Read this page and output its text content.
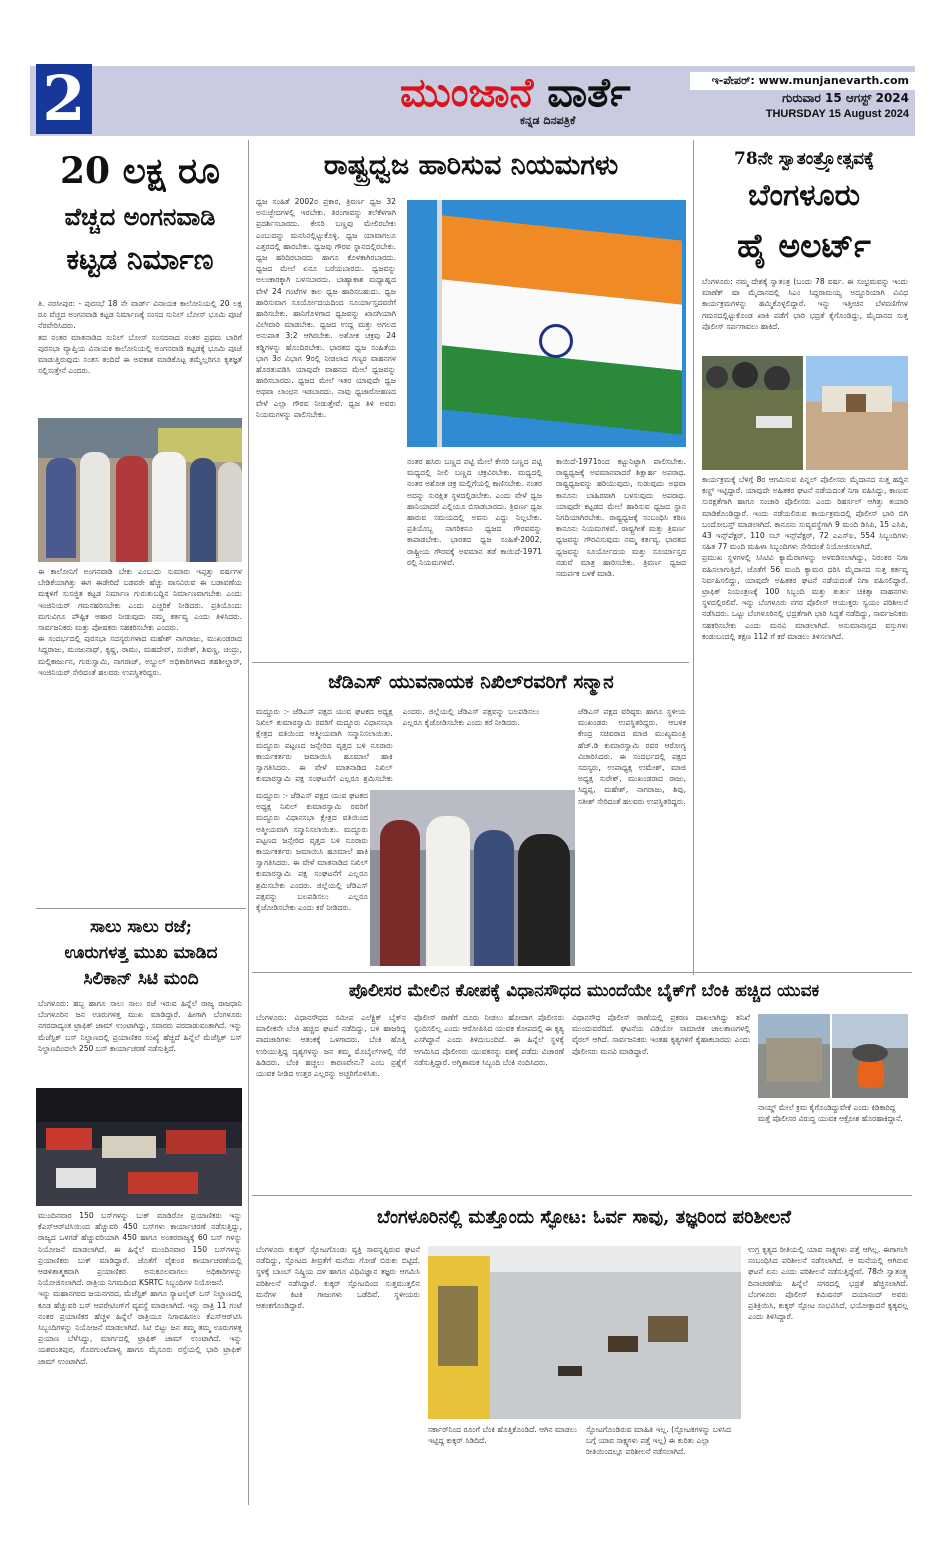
2	ಮುಂಜಾನೆ ವಾರ್ತೆ
ಕನ್ನಡ ದಿನಪತ್ರಿಕೆ
ಇ-ಪೇಪರ್: www.munjanevarth.com
ಗುರುವಾರ 15 ಆಗಸ್ಟ್ 2024
THURSDAY 15 August 2024
20 ಲಕ್ಷ ರೂ
ವೆಚ್ಚದ ಅಂಗನವಾಡಿ
ಕಟ್ಟಡ ನಿರ್ಮಾಣ

ತಿ. ನರಸೀಪುರ: - ಪುರಸಭೆ 18 ನೇ ವಾರ್ಡ್ ವಿನಾಯಕ ಕಾಲೋನಿಯಲ್ಲಿ 20 ಲಕ್ಷ ರೂ ವೆಚ್ಚದ ಅಂಗನವಾಡಿ ಕಟ್ಟಡ ನಿರ್ಮಾಣಕ್ಕೆ ಸಂಸದ ಸುನಿಲ್ ಬೋಸ್ ಭೂಮಿ ಪೂಜೆ ನೆರವೇರಿಸಿದರು.

ತದ ನಂತರ ಮಾತನಾಡಿದ ಸುನಿಲ್ ಬೋಸ್ ಸಂಸದನಾದ ನಂತರ ಪ್ರಥಮ ಬಾರಿಗೆ ಪುರಸಭಾ ವ್ಯಾಪ್ತಿಯ ವಿನಾಯಕ ಕಾಲೋನಿಯಲ್ಲಿ ಅಂಗನವಾಡಿ ಕಟ್ಟಡಕ್ಕೆ ಭೂಮಿ ಪೂಜೆ ಮಾಡುತ್ತಿರುವುದು ಸಂತಸ ತಂದಿದೆ ಈ ಅವಕಾಶ ಮಾಡಿಕೊಟ್ಟ ತಮ್ಮೆಲ್ಲರಿಗೂ ಕೃತಜ್ಞತೆ ಸಲ್ಲಿಸುತ್ತೇನೆ ಎಂದರು.

ಈ ಕಾಲೋನಿಗೆ ಅಂಗನವಾಡಿ ಬೇಕು ಎಂಬುದು ಸುಮಾರು ಇಪ್ಪತ್ತು ವರ್ಷಗಳ ಬೇಡಿಕೆಯಾಗಿತ್ತು ಈಗ ಈಡೇರಿದೆ ಬಡವರೇ ಹೆಚ್ಚು ವಾಸವಿರುವ ಈ ಬಡಾವಣೆಯ ಮಕ್ಕಳಿಗೆ ಸುಸಜ್ಜಿತ ಕಟ್ಟಡ ನಿರ್ಮಾಣ ಗುರುತುಬದ್ದಿನ ನಿರ್ಮಾಣವಾಗಬೇಕು ಎಂದು ಇಂಜಿನಿಯರ್ ಗಮನಹರಿಸಬೇಕು ಎಂದು ಎಚ್ಚರಿಕೆ ನೀಡಿದರು. ಪ್ರತಿಯೊಂದು ಮಗುವಿಗೂ ಪೌಷ್ಟಿಕ ಆಹಾರ ನೀಡುವುದು ನಮ್ಮ ಕರ್ತವ್ಯ ಎಂದು ತಿಳಿಸಿದರು. ಸಾರ್ವಜನಿಕರು ಮತ್ತು ಪೋಷಕರು ಸಹಕರಿಸಬೇಕು ಎಂದರು.

ಈ ಸಂದರ್ಭದಲ್ಲಿ ಪುರಸಭಾ ಸದಸ್ಯರುಗಳಾದ ಮಹೇಶ್ ನಾಗರಾಜು, ಮುಖಂಡರಾದ ಸಿದ್ದರಾಜು, ಮಂಜುನಾಥ್, ಕೃಷ್ಣ, ರಾಮು, ಮಹದೇವ್, ಸುರೇಶ್, ಶಿವಣ್ಣ, ಚಂದ್ರು, ಮಲ್ಲಿಕಾರ್ಜುನ, ಗುರುಸ್ವಾಮಿ, ನಾಗರಾಜ್, ಅಬ್ದುಲ್ ಅಧಿಕಾರಿಗಳಾದ ತಹಶೀಲ್ದಾರ್, ಇಂಜಿನಿಯರ್ ಸೇರಿದಂತೆ ಹಲವರು ಉಪಸ್ಥಿತರಿದ್ದರು.

ರಾಷ್ಟ್ರಧ್ವಜ ಹಾರಿಸುವ ನಿಯಮಗಳು
ಧ್ವಜ ಸಂಹಿತೆ 2002ರ ಪ್ರಕಾರ, ತ್ರಿವರ್ಣ ಧ್ವಜ 32 ಅನುಚ್ಛೇದಗಳಲ್ಲಿ ಇರಬೇಕು. ತಿರಂಗಾವನ್ನು ತಲೆಕೆಳಗಾಗಿ ಪ್ರದರ್ಶಿಸಬಾರದು. ಕೇಸರಿ ಬಣ್ಣವು ಮೇಲಿರಬೇಕು ಎಂಬುದನ್ನು ಮನಸಿನಲ್ಲಿಟ್ಟುಕೊಳ್ಳಿ. ಧ್ವಜ ಯಾವಾಗಲೂ ಎತ್ತರದಲ್ಲಿ ಹಾರಬೇಕು. ಧ್ವಜವು ಗೌರವ ಸ್ಥಾನದಲ್ಲಿರಬೇಕು. ಧ್ವಜ ಹರಿದಿರಬಾರದು ಹಾಗೂ ಕೊಳಕಾಗಿರಬಾರದು. ಧ್ವಜದ ಮೇಲೆ ಏನೂ ಬರೆಯಬಾರದು. ಧ್ವಜವನ್ನು ಅಲಂಕಾರಕ್ಕಾಗಿ ಬಳಸಬಾರದು. ಬಾಹ್ಯಾಕಾಶ ಮಧ್ಯಾಹ್ನದ ವೇಳೆ 24 ಗಂಟೆಗಳ ಕಾಲ ಧ್ವಜ ಹಾರಿಸಬಹುದು. ಧ್ವಜ ಹಾರಿಸುವಾಗ ಸೂರ್ಯೋದಯದಿಂದ ಸೂರ್ಯಾಸ್ತದವರೆಗೆ ಹಾರಿಸಬೇಕು. ಹಾನಿಗೊಳಗಾದ ಧ್ವಜವನ್ನು ಖಾಸಗಿಯಾಗಿ ವಿಲೇವಾರಿ ಮಾಡಬೇಕು. ಧ್ವಜದ ಉದ್ದ ಮತ್ತು ಅಗಲದ ಅನುಪಾತ 3:2 ಆಗಿರಬೇಕು. ಅಶೋಕ ಚಕ್ರವು 24 ಕಡ್ಡಿಗಳನ್ನು ಹೊಂದಿರಬೇಕು. ಭಾರತದ ಧ್ವಜ ಸಂಹಿತೆಯ ಭಾಗ 3ರ ವಿಭಾಗ 9ರಲ್ಲಿ ನೀಡಲಾದ ಗಣ್ಯರ ವಾಹನಗಳ ಹೊರತುಪಡಿಸಿ ಯಾವುದೇ ವಾಹನದ ಮೇಲೆ ಧ್ವಜವನ್ನು ಹಾರಿಸಬಾರದು. ಧ್ವಜದ ಮೇಲೆ ಇತರ ಯಾವುದೇ ಧ್ವಜ ಅಥವಾ ಲಾಂಛನ ಇಡಬಾರದು. ನಾವು ಧ್ವಜಾರೋಹಣದ ವೇಳೆ ಎಲ್ಲಾ ಗೌರವ ನೀಡುತ್ತೇವೆ. ಧ್ವಜ ತಿಳಿ ಅವರು ನಿಯಮಗಳನ್ನು ಪಾಲಿಸಬೇಕು.
ನಂತರ ಹಸಿರು ಬಣ್ಣದ ಪಟ್ಟಿ ಮೇಲೆ ಕೇಸರಿ ಬಣ್ಣದ ಪಟ್ಟಿ ಮಧ್ಯದಲ್ಲಿ ನೀಲಿ ಬಣ್ಣದ ಚಕ್ರವಿರಬೇಕು. ಮಧ್ಯದಲ್ಲಿ ನಂತರ ಅಶೋಕ ಚಕ್ರ ಮಲ್ಲಿಗೆಯಲ್ಲಿ ಕಾಣಿಸಬೇಕು. ನಂತರ ಅದನ್ನು ಸುರಕ್ಷಿತ ಸ್ಥಳದಲ್ಲಿಡಬೇಕು. ಎಂದು ವೇಳೆ ಧ್ವಜ ಹಾನಿಯಾದರೆ ಎಲ್ಲಿಯೂ ಬಿಸಾಡಬಾರದು. ತ್ರಿವರ್ಣ ಧ್ವಜ ಹಾರುವ ಸಮಯದಲ್ಲಿ ಅವನು ಎದ್ದು ನಿಲ್ಲಬೇಕು. ಪ್ರತಿಯೊಬ್ಬ ನಾಗರಿಕನೂ ಧ್ವಜದ ಗೌರವವನ್ನು ಕಾಪಾಡಬೇಕು. ಭಾರತದ ಧ್ವಜ ಸಂಹಿತೆ-2002, ರಾಷ್ಟ್ರೀಯ ಗೌರವಕ್ಕೆ ಅವಮಾನ ತಡೆ ಕಾಯಿದೆ-1971 ರಲ್ಲಿ ನಿಯಮಗಳಿವೆ.
ಕಾಯಿದೆ-1971ರಿಂದ ಕಟ್ಟುನಿಟ್ಟಾಗಿ ಪಾಲಿಸಬೇಕು. ರಾಷ್ಟ್ರಧ್ವಜಕ್ಕೆ ಅವಮಾನವಾದರೆ ಶಿಕ್ಷಾರ್ಹ ಅಪರಾಧ. ರಾಷ್ಟ್ರಧ್ವಜವನ್ನು ಹರಿಯುವುದು, ಸುಡುವುದು ಅಥವಾ ಕಾನೂನು ಬಾಹಿರವಾಗಿ ಬಳಸುವುದು ಅಪರಾಧ. ಯಾವುದೇ ಕಟ್ಟಡದ ಮೇಲೆ ಹಾರಿಸುವ ಧ್ವಜದ ಸ್ಥಾನ ನಿಗದಿಯಾಗಿರಬೇಕು. ರಾಷ್ಟ್ರಧ್ವಜಕ್ಕೆ ಸಂಬಂಧಿಸಿ ಕಠಿಣ ಕಾನೂನು ನಿಯಮಗಳಿವೆ. ರಾಷ್ಟ್ರಗೀತೆ ಮತ್ತು ತ್ರಿವರ್ಣ ಧ್ವಜವನ್ನು ಗೌರವಿಸುವುದು ನಮ್ಮ ಕರ್ತವ್ಯ. ಭಾರತದ ಧ್ವಜವನ್ನು ಸೂರ್ಯೋದಯ ಮತ್ತು ಸೂರ್ಯಾಸ್ತದ ನಡುವೆ ಮಾತ್ರ ಹಾರಿಸಬೇಕು. ತ್ರಿವರ್ಣ ಧ್ವಜದ ಸಮರ್ಪಕ ಬಳಕೆ ಮಾಡಿ.
78ನೇ ಸ್ವಾತಂತ್ರ್ಯೋತ್ಸವಕ್ಕೆ
ಬೆಂಗಳೂರು
ಹೈ ಅಲರ್ಟ್
ಬೆಂಗಳೂರು: ನಮ್ಮ ದೇಶಕ್ಕೆ ಸ್ವಾತಂತ್ರ (ಬಂದು 78 ವರ್ಷ. ಈ ಸಂಭ್ರಮವನ್ನು ಇಂದು ಮಾಣೆಕ್ ಷಾ ಮೈದಾನದಲ್ಲಿ ಸಿಎಂ ಸಿದ್ದರಾಮಯ್ಯ ಅದ್ದೂರಿಯಾಗಿ ವಿವಿಧ ಕಾರ್ಯಕ್ರಮಗಳನ್ನು ಹಮ್ಮಿಕೊಳ್ಳಲಿದ್ದಾರೆ. ಇನ್ನು ಇತ್ತೀಚಿನ ಬೆಳವಣಿಗೆಗಳ ಗಮನದಲ್ಲಿಟ್ಟುಕೊಂಡ ಖಾಕಿ ಪಡೆಗೆ ಭಾರಿ ಭದ್ರತೆ ಕೈಗೊಂಡಿದ್ದು, ಮೈದಾನದ ಸುತ್ತ ಪೊಲೀಸ್ ಸರ್ಪಗಾವಲು ಹಾಕಿದೆ.

ಕಾರ್ಯಕ್ರಮಕ್ಕೆ ಬೆಳಿಗ್ಗೆ 8ರ ಆಗಮಿಸುವ ಪಿನ್ನಲ್ ಪೊಲೀಸರು ಮೈದಾನದ ಸುತ್ತ ಹದ್ದಿನ ಕಣ್ಣ್ ಇಟ್ಟಿದ್ದಾರೆ. ಯಾವುದೇ ಅಹಿತಕರ ಘಟನೆ ನಡೆಯದಂತೆ ನಿಗಾ ವಹಿಸಿದ್ದು, ಕಾಣುವ ಸುರಕ್ಷತೆಗಾಗಿ ಹಾಗೂ ಸಂಚಾರಿ ಪೊಲೀಸರು ಎಂದು ರಿಹರ್ಸಲ್ ಆಗಿತ್ತು ತಯಾರಿ ಮಾಡಿಕೊಂಡಿದ್ದಾರೆ. ಇಂದು ನಡೆಯಲಿರುವ ಕಾರ್ಯಕ್ರಮದಲ್ಲಿ ಪೊಲೀಸ್ ಭಾರಿ ಬಿಗಿ ಬಂದೋಬಸ್ತ್ ಮಾಡಲಾಗಿದೆ. ಕಾನೂನು ಸುವ್ಯವಸ್ಥೆಗಾಗಿ 9 ಮಂದಿ ಡಿಸಿಪಿ, 15 ಎಸಿಪಿ, 43 ಇನ್ಸ್‌ಪೆಕ್ಟರ್, 110 ಸಬ್ ಇನ್ಸ್‌ಪೆಕ್ಟರ್, 72 ಎಎಸ್ಐ, 554 ಸಿಬ್ಬಂದಿಗಳು ಸಹಿತ 77 ಮಂದಿ ಮಹಿಳಾ ಸಿಬ್ಬಂದಿಗಳು ಸೇರಿದಂತೆ ನಿಯೋಜಿಸಲಾಗಿದೆ.

ಪ್ರಮುಖ ಸ್ಥಳಗಳಲ್ಲಿ ಸಿಸಿಟಿವಿ ಕ್ಯಾಮೆರಾಗಳನ್ನು ಅಳವಡಿಸಲಾಗಿದ್ದು, ನಿರಂತರ ನಿಗಾ ವಹಿಸಲಾಗುತ್ತಿದೆ. ಜೊತೆಗೆ 56 ಮಂದಿ ಕ್ಯಾಮರ ಧರಿಸಿ ಮೈದಾನದ ಸುತ್ತ ಕರ್ತವ್ಯ ನಿರ್ವಹಿಸಲಿದ್ದು, ಯಾವುದೇ ಅಹಿತಕರ ಘಟನೆ ನಡೆಯದಂತೆ ನಿಗಾ ವಹಿಸಲಿದ್ದಾರೆ. ಟ್ರಾಫಿಕ್ ನಿಯಂತ್ರಣಕ್ಕೆ 100 ಸಿಬ್ಬಂದಿ ಮತ್ತು ತುರ್ತು ಚಿಕಿತ್ಸಾ ವಾಹನಗಳು ಸ್ಥಳದಲ್ಲಿರಲಿವೆ. ಇನ್ನು ಬೆಂಗಳೂರು ನಗರ ಪೊಲೀಸ್ ಆಯುಕ್ತರು ಸ್ವಯಂ ಪರಿಶೀಲನೆ ನಡೆಸಿದರು. ಒಟ್ಟು ಬೆಂಗಳೂರಿನಲ್ಲಿ ಭದ್ರತೆಗಾಗಿ ಭಾರಿ ಸಿದ್ಧತೆ ನಡೆದಿದ್ದು, ಸಾರ್ವಜನಿಕರು ಸಹಕರಿಸಬೇಕು ಎಂದು ಮನವಿ ಮಾಡಲಾಗಿದೆ. ಅನುಮಾನಾಸ್ಪದ ವಸ್ತುಗಳು ಕಂಡುಬಂದಲ್ಲಿ ತಕ್ಷಣ 112 ಗೆ ಕರೆ ಮಾಡಲು ತಿಳಿಸಲಾಗಿದೆ.

ಜೆಡಿಎಸ್ ಯುವನಾಯಕ ನಿಖಿಲ್‌ರವರಿಗೆ ಸನ್ಮಾನ
ಮದ್ದೂರು :- ಜೆಡಿಎಸ್ ಪಕ್ಷದ ಯುವ ಘಟಕದ ಅಧ್ಯಕ್ಷ ನಿಖಿಲ್ ಕುಮಾರಸ್ವಾಮಿ ರವರಿಗೆ ಮದ್ದೂರು ವಿಧಾನಸಭಾ ಕ್ಷೇತ್ರದ ವತಿಯಿಂದ ಆತ್ಮೀಯವಾಗಿ ಸನ್ಮಾನಿಸಲಾಯಿತು. ಮದ್ದೂರು ಪಟ್ಟಣದ ಜನ್ಸೇರಿದ ವೃತ್ತದ ಬಳಿ ನೂರಾರು ಕಾರ್ಯಕರ್ತರು ಜಮಾಯಿಸಿ ಹೂಮಾಲೆ ಹಾಕಿ ಸ್ವಾಗತಿಸಿದರು. ಈ ವೇಳೆ ಮಾತನಾಡಿದ ನಿಖಿಲ್ ಕುಮಾರಸ್ವಾಮಿ ಪಕ್ಷ ಸಂಘಟನೆಗೆ ಎಲ್ಲರೂ ಶ್ರಮಿಸಬೇಕು ಎಂದರು. ಜಿಲ್ಲೆಯಲ್ಲಿ ಜೆಡಿಎಸ್ ಪಕ್ಷವನ್ನು ಬಲಪಡಿಸಲು ಎಲ್ಲರೂ ಕೈಜೋಡಿಸಬೇಕು ಎಂದು ಕರೆ ನೀಡಿದರು.
ಮದ್ದೂರು :- ಜೆಡಿಎಸ್ ಪಕ್ಷದ ಯುವ ಘಟಕದ ಅಧ್ಯಕ್ಷ ನಿಖಿಲ್ ಕುಮಾರಸ್ವಾಮಿ ರವರಿಗೆ ಮದ್ದೂರು ವಿಧಾನಸಭಾ ಕ್ಷೇತ್ರದ ವತಿಯಿಂದ ಆತ್ಮೀಯವಾಗಿ ಸನ್ಮಾನಿಸಲಾಯಿತು. ಮದ್ದೂರು ಪಟ್ಟಣದ ಜನ್ಸೇರಿದ ವೃತ್ತದ ಬಳಿ ನೂರಾರು ಕಾರ್ಯಕರ್ತರು ಜಮಾಯಿಸಿ ಹೂಮಾಲೆ ಹಾಕಿ ಸ್ವಾಗತಿಸಿದರು. ಈ ವೇಳೆ ಮಾತನಾಡಿದ ನಿಖಿಲ್ ಕುಮಾರಸ್ವಾಮಿ ಪಕ್ಷ ಸಂಘಟನೆಗೆ ಎಲ್ಲರೂ ಶ್ರಮಿಸಬೇಕು ಎಂದರು. ಜಿಲ್ಲೆಯಲ್ಲಿ ಜೆಡಿಎಸ್ ಪಕ್ಷವನ್ನು ಬಲಪಡಿಸಲು ಎಲ್ಲರೂ ಕೈಜೋಡಿಸಬೇಕು ಎಂದು ಕರೆ ನೀಡಿದರು.
ಜೆಡಿಎಸ್ ಪಕ್ಷದ ವರಿಷ್ಠರು ಹಾಗೂ ಸ್ಥಳೀಯ ಮುಖಂಡರು ಉಪಸ್ಥಿತರಿದ್ದರು. ಆಬಳಿಕ ಕೇಂದ್ರ ಸಚಿವರಾದ ಮಾಜಿ ಮುಖ್ಯಮಂತ್ರಿ ಹೆಚ್.ಡಿ ಕುಮಾರಸ್ವಾಮಿ ರವರ ಆರೋಗ್ಯ ವಿಚಾರಿಸಿದರು. ಈ ಸಂದರ್ಭದಲ್ಲಿ ಪಕ್ಷದ ಸದಸ್ಯರು, ಉಪಾಧ್ಯಕ್ಷ ಉಮೇಶ್, ಮಾಜಿ ಅಧ್ಯಕ್ಷ ಸುರೇಶ್, ಮುಖಂಡರಾದ ರಾಜು, ಸಿದ್ದಪ್ಪ, ಮಹೇಶ್, ನಾಗರಾಜು, ಶಿವು, ಸತೀಶ್ ಸೇರಿದಂತೆ ಹಲವರು ಉಪಸ್ಥಿತರಿದ್ದರು.
ಸಾಲು ಸಾಲು ರಜೆ;
ಊರುಗಳತ್ತ ಮುಖ ಮಾಡಿದ
ಸಿಲಿಕಾನ್ ಸಿಟಿ ಮಂದಿ
ಬೆಂಗಳೂರು: ಹಬ್ಬ ಹಾಗೂ ಸಾಲು ಸಾಲು ರಜೆ ಇರುವ ಹಿನ್ನೆಲೆ ರಾಜ್ಯ ರಾಜಧಾನಿ ಬೆಂಗಳೂರಿನ ಜನ ಊರುಗಳತ್ತ ಮುಖ ಮಾಡಿದ್ದಾರೆ. ಹೀಗಾಗಿ ಬೆಂಗಳೂರು ನಗರದಾದ್ಯಂತ ಟ್ರಾಫಿಕ್ ಜಾಮ್ ಉಂಟಾಗಿದ್ದು, ಸವಾರರು ಪರದಾಡುವಂತಾಗಿದೆ. ಇನ್ನು ಮೆಜೆಸ್ಟಿಕ್ ಬಸ್ ನಿಲ್ದಾಣದಲ್ಲಿ ಪ್ರಯಾಣಿಕರ ಸಂಖ್ಯೆ ಹೆಚ್ಚಿದೆ ಹಿನ್ನೆಲೆ ಮೆಜೆಸ್ಟಿಕ್ ಬಸ್ ನಿಲ್ದಾಣದಿಂದಲೇ 250 ಬಸ್ ಕಾರ್ಯಾಚರಣೆ ನಡೆಸುತ್ತಿದೆ.

ಮುಂದಿನವಾರ 150 ಬಸ್‌ಗಳನ್ನು ಬುಕ್ ಮಾಡಿರೋ ಪ್ರಯಾಣಿಕರು ಇನ್ನು ಕೆಎಸ್ಆರ್‌ಟಿಸಿಯಿಂದ ಹೆಚ್ಚುವರಿ 450 ಬಸ್‌ಗಳು ಕಾರ್ಯಾಚರಣೆ ನಡೆಸುತ್ತಿದ್ದು, ರಾಜ್ಯದ ಒಳಗಡೆ ಹೆಚ್ಚುವರಿಯಾಗಿ 450 ಹಾಗೂ ಅಂತರರಾಜ್ಯಕ್ಕೆ 60 ಬಸ್ ಗಳನ್ನು ನಿಯೋಜನೆ ಮಾಡಲಾಗಿದೆ. ಈ ಹಿನ್ನೆಲೆ ಮುಂದಿನವಾರ 150 ಬಸ್‌ಗಳನ್ನು ಪ್ರಯಾಣಿಕರು ಬುಕ್ ಮಾಡಿದ್ದಾರೆ. ಜೊತೆಗೆ ವೈಕುಂಠ ಕಾರ್ಯಾಚರಣೆಯಲ್ಲಿ ಆಡಳಿತಾತ್ಮಕವಾಗಿ ಪ್ರಯಾಣಿಕರ ಅನುಕೂಲವಾಗಲು ಅಧಿಕಾರಿಗಳನ್ನು ನಿಯೋಜಿಸಲಾಗಿದೆ. ರಾತ್ರಿಯ ನಿಗಮದಿಂದ KSRTC ಸಿಬ್ಬಂದಿಗಳ ನಿಯೋಜನೆ.

ಇನ್ನು ಮಹಾನಗರದ ಜಯನಗರದ, ಮೆಜೆಸ್ಟಿಕ್ ಹಾಗೂ ಸ್ಯಾಟಲೈಟ್ ಬಸ್ ನಿಲ್ದಾಣದಲ್ಲಿ ಕೂಡ ಹೆಚ್ಚುವರಿ ಬಸ್ ಆಪರೇಟಿಂಗ್‌ಗೆ ವ್ಯವಸ್ಥೆ ಮಾಡಲಾಗಿದೆ. ಇನ್ನು ರಾತ್ರಿ 11 ಗಂಟೆ ನಂತರ ಪ್ರಯಾಣಿಕರ ಹೆಚ್ಚಳ ಹಿನ್ನೆಲೆ ರಾತ್ರಿಯೂ ನಿಗಾವಹಿಸಲು ಕೆಎಸ್ಆರ್‌ಟಿಸಿ ಸಿಬ್ಬಂದಿಗಳನ್ನು ನಿಯೋಜನೆ ಮಾಡಲಾಗಿದೆ. ಸಿಟಿ ಬಿಟ್ಟು ಜನ ತಮ್ಮ ತಮ್ಮ ಊರುಗಳತ್ತ ಪ್ರಯಾಣ ಬೆಳೆಸಿದ್ದು, ಮಾರ್ಗದಲ್ಲಿ ಟ್ರಾಫಿಕ್ ಜಾಮ್ ಉಂಟಾಗಿದೆ. ಇನ್ನು ಯಶವಂತಪುರ, ಗೊರಗುಂಟೆಪಾಳ್ಯ ಹಾಗೂ ಮೈಸೂರು ರಸ್ತೆಯಲ್ಲಿ ಭಾರಿ ಟ್ರಾಫಿಕ್ ಜಾಮ್ ಉಂಟಾಗಿದೆ.

ಪೊಲೀಸರ ಮೇಲಿನ ಕೋಪಕ್ಕೆ ವಿಧಾನಸೌಧದ ಮುಂದೆಯೇ ಬೈಕ್‌ಗೆ ಬೆಂಕಿ ಹಚ್ಚಿದ ಯುವಕ
ಬೆಂಗಳೂರು: ವಿಧಾನಸೌಧದ ಸಮೀಪ ಎಲೆಕ್ಟ್ರಿಕ್ ಬೈಕ್‌ನ ಮಾಲೀಕನೇ ಬೆಂಕಿ ಹಚ್ಚಿದ ಘಟನೆ ನಡೆದಿದ್ದು, ಬಳಿ ಹಾಜರಿದ್ದ ಪಾದಚಾರಿಗಳು ಆತಂಕಕ್ಕೆ ಒಳಗಾದರು. ಬೆಂಕಿ ಹೊತ್ತಿ ಉರಿಯುತ್ತಿದ್ದ ದೃಶ್ಯಗಳನ್ನು ಜನ ತಮ್ಮ ಮೊಬೈಲ್‌ಗಳಲ್ಲಿ ಸೆರೆ ಹಿಡಿದರು. ಬೆಂಕಿ ಹಚ್ಚಲು ಕಾರಣವೇನು? ಎಂಬ ಪ್ರಶ್ನೆಗೆ ಯುವಕ ನೀಡಿದ ಉತ್ತರ ಎಲ್ಲರನ್ನು ಅಚ್ಚರಿಗೊಳಿಸಿತು.
ಪೊಲೀಸ್ ಠಾಣೆಗೆ ದೂರು ನೀಡಲು ಹೋದಾಗ ಪೊಲೀಸರು ಸ್ಪಂದಿಸಲಿಲ್ಲ ಎಂದು ಆರೋಪಿಸಿದ ಯುವಕ ಕೋಪದಲ್ಲಿ ಈ ಕೃತ್ಯ ಎಸಗಿದ್ದಾನೆ ಎಂದು ತಿಳಿದುಬಂದಿದೆ. ಈ ಹಿನ್ನೆಲೆ ಸ್ಥಳಕ್ಕೆ ಆಗಮಿಸಿದ ಪೊಲೀಸರು ಯುವಕನನ್ನು ವಶಕ್ಕೆ ಪಡೆದು ವಿಚಾರಣೆ ನಡೆಸುತ್ತಿದ್ದಾರೆ. ಅಗ್ನಿಶಾಮಕ ಸಿಬ್ಬಂದಿ ಬೆಂಕಿ ನಂದಿಸಿದರು.
ವಿಧಾನಸೌಧ ಪೊಲೀಸ್ ಠಾಣೆಯಲ್ಲಿ ಪ್ರಕರಣ ದಾಖಲಾಗಿದ್ದು ತನಿಖೆ ಮುಂದುವರೆದಿದೆ. ಘಟನೆಯ ವಿಡಿಯೋ ಸಾಮಾಜಿಕ ಜಾಲತಾಣಗಳಲ್ಲಿ ವೈರಲ್ ಆಗಿದೆ. ಸಾರ್ವಜನಿಕರು ಇಂತಹ ಕೃತ್ಯಗಳಿಗೆ ಕೈಹಾಕಬಾರದು ಎಂದು ಪೊಲೀಸರು ಮನವಿ ಮಾಡಿದ್ದಾರೆ.
ನಾಯ್ಡ್ ಮೇಲೆ ಕ್ರಮ ಕೈಗೊಂಡಿದ್ದುವೇಕೆ ಎಂದು ಕಿಡಿಕಾರಿದ್ದ ಮತ್ತೆ ಪೊಲೀಸರ ವಿರುದ್ಧ ಯುವಕ ಆಕ್ರೋಶ ಹೊರಹಾಕಿದ್ದಾನೆ.
ಬೆಂಗಳೂರಿನಲ್ಲಿ ಮತ್ತೊಂದು ಸ್ಫೋಟ: ಓರ್ವ ಸಾವು, ತಜ್ಞರಿಂದ ಪರಿಶೀಲನೆ
ಬೆಂಗಳೂರು ಕುಕ್ಕರ್ ಸ್ಫೋಟಗೊಂಡು ವ್ಯಕ್ತಿ ಸಾವನ್ನಪ್ಪಿರುವ ಘಟನೆ ನಡೆದಿದ್ದು, ಸ್ಫೋಟದ ತೀವ್ರತೆಗೆ ಮನೆಯ ಗೋಡೆ ಬಿರುಕು ಬಿಟ್ಟಿದೆ. ಸ್ಥಳಕ್ಕೆ ಬಾಂಬ್ ನಿಷ್ಕ್ರಿಯ ದಳ ಹಾಗೂ ವಿಧಿವಿಜ್ಞಾನ ತಜ್ಞರು ಆಗಮಿಸಿ ಪರಿಶೀಲನೆ ನಡೆಸಿದ್ದಾರೆ. ಕುಕ್ಕರ್ ಸ್ಫೋಟದಿಂದ ಸುತ್ತಮುತ್ತಲಿನ ಮನೆಗಳ ಕಿಟಕಿ ಗಾಜುಗಳು ಒಡೆದಿವೆ. ಸ್ಥಳೀಯರು ಆತಂಕಗೊಂಡಿದ್ದಾರೆ.
ಸರ್ಕಾರ್‌ನಿಂದ ರೂಂಗೆ ಬೆಂಕಿ ಹೊತ್ತಿಕೊಂಡಿದೆ. ಆಗಿನ ಮಾಡಲು ಇಟ್ಟಿದ್ದ ಕುಕ್ಕರ್ ಸಿಡಿದಿದೆ.
ಸ್ಫೋಟಗೊಂಡಿರುವ ಮಾಹಿತಿ ಇಲ್ಲ. (ಸ್ಫೋಟಕಗಳನ್ನು ಬಳಸಿದ ಬಗ್ಗೆ ಯಾವ ಸಾಕ್ಷ್ಯಗಳು ಪತ್ತೆ ಇಲ್ಲ) ಈ ಕುರಿತು ಎಲ್ಲಾ ರೀತಿಯಿಂದಲ್ಲೂ ಪರಿಶೀಲನೆ ನಡೆಸಲಾಗಿದೆ.
ಉಗ್ರ ಕೃತ್ಯದ ರೀತಿಯಲ್ಲಿ ಯಾವ ಸಾಕ್ಷ್ಯಗಳು ಪತ್ತೆ ಆಗಿಲ್ಲ. ಈಗಾಗಲೇ ಸಂಬಂಧಿಸಿದ ಪರಿಶೀಲನೆ ನಡೆಸಲಾಗಿದೆ. ಆ ಮನೆಯಲ್ಲಿ ಆಗಿರುವ ಘಟನೆ ಏನು ಎಂದು ಪರಿಶೀಲನೆ ನಡೆಸುತ್ತಿದ್ದೇವೆ. 78ನೇ ಸ್ವಾತಂತ್ರ್ಯ ದಿನಾಚರಣೆಯ ಹಿನ್ನೆಲೆ ನಗರದಲ್ಲಿ ಭದ್ರತೆ ಹೆಚ್ಚಿಸಲಾಗಿದೆ. ಬೆಂಗಳೂರು ಪೊಲೀಸ್ ಕಮಿಷನರ್ ದಯಾನಂದ್ ಅವರು ಪ್ರತಿಕ್ರಿಯಿಸಿ, ಕುಕ್ಕರ್ ಸ್ಫೋಟ ಸಂಭವಿಸಿದೆ, ಭಯೋತ್ಪಾದನೆ ಕೃತ್ಯವಲ್ಲ ಎಂದು ತಿಳಿಸಿದ್ದಾರೆ.
